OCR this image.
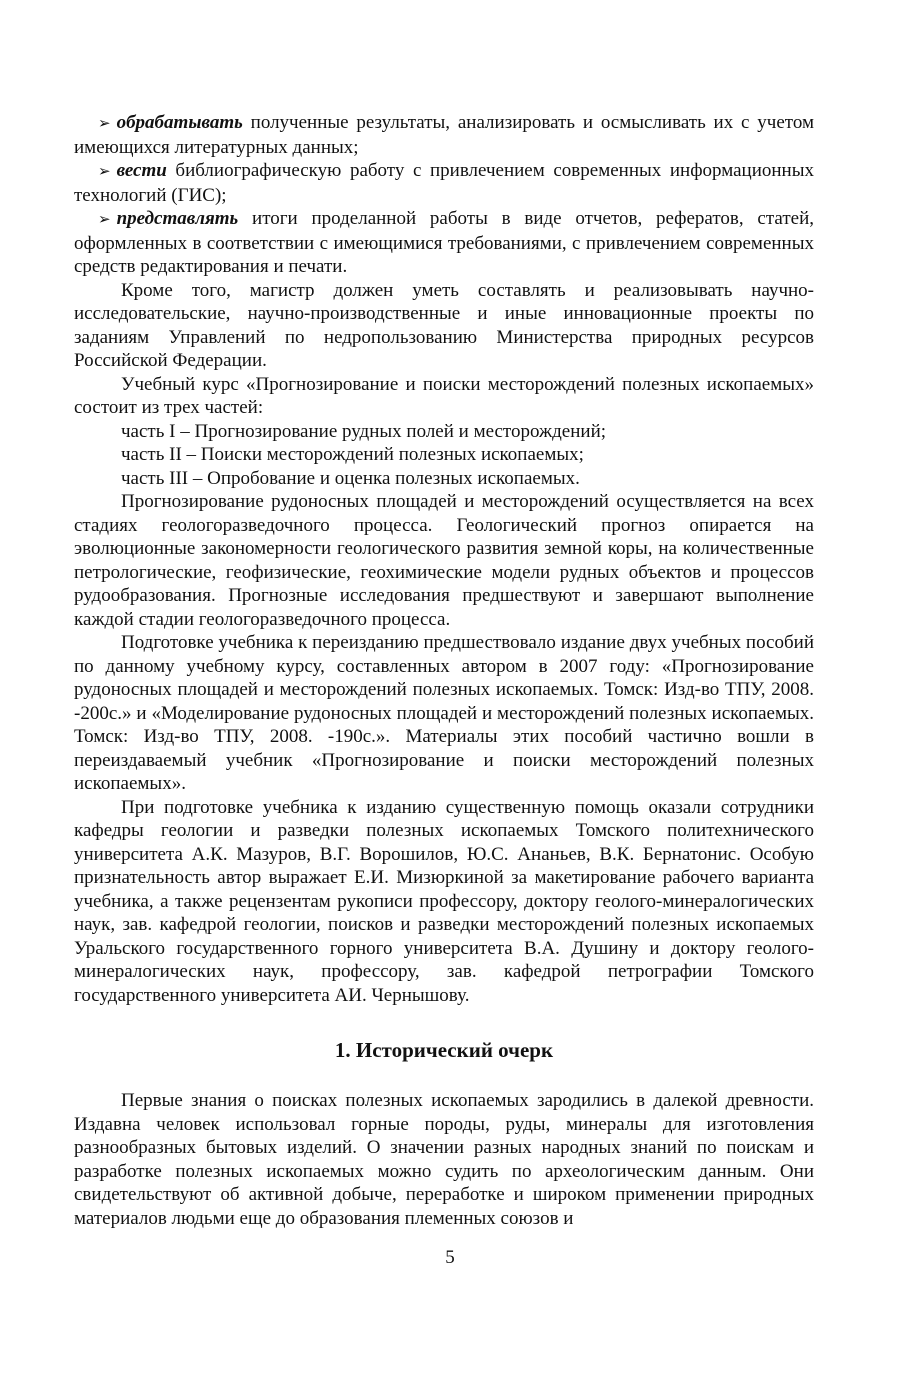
➢ обрабатывать полученные результаты, анализировать и осмысливать их с учетом имеющихся литературных данных;

➢ вести библиографическую работу с привлечением современных информационных технологий (ГИС);

➢ представлять итоги проделанной работы в виде отчетов, рефератов, статей, оформленных в соответствии с имеющимися требованиями, с привлечением современных средств редактирования и печати.

Кроме того, магистр должен уметь составлять и реализовывать научно-исследовательские, научно-производственные и иные инновационные проекты по заданиям Управлений по недропользованию Министерства природных ресурсов Российской Федерации.

Учебный курс «Прогнозирование и поиски месторождений полезных ископаемых» состоит из трех частей:

часть I – Прогнозирование рудных полей и месторождений;

часть II – Поиски месторождений полезных ископаемых;

часть III – Опробование и оценка полезных ископаемых.

Прогнозирование рудоносных площадей и месторождений осуществляется на всех стадиях геологоразведочного процесса. Геологический прогноз опирается на эволюционные закономерности геологического развития земной коры, на количественные петрологические, геофизические, геохимические модели рудных объектов и процессов рудообразования. Прогнозные исследования предшествуют и завершают выполнение каждой стадии геологоразведочного процесса.

Подготовке учебника к переизданию предшествовало издание двух учебных пособий по данному учебному курсу, составленных автором в 2007 году: «Прогнозирование рудоносных площадей и месторождений полезных ископаемых. Томск: Изд-во ТПУ, 2008. -200с.» и «Моделирование рудоносных площадей и месторождений полезных ископаемых. Томск: Изд-во ТПУ, 2008. -190с.». Материалы этих пособий частично вошли в переиздаваемый учебник «Прогнозирование и поиски месторождений полезных ископаемых».

При подготовке учебника к изданию существенную помощь оказали сотрудники кафедры геологии и разведки полезных ископаемых Томского политехнического университета А.К. Мазуров, В.Г. Ворошилов, Ю.С. Ананьев, В.К. Бернатонис. Особую признательность автор выражает Е.И. Мизюркиной за макетирование рабочего варианта учебника, а также рецензентам рукописи профессору, доктору геолого-минералогических наук, зав. кафедрой геологии, поисков и разведки месторождений полезных ископаемых Уральского государственного горного университета В.А. Душину и доктору геолого-минералогических наук, профессору, зав. кафедрой петрографии Томского государственного университета АИ. Чернышову.

1. Исторический очерк

Первые знания о поисках полезных ископаемых зародились в далекой древности. Издавна человек использовал горные породы, руды, минералы для изготовления разнообразных бытовых изделий. О значении разных народных знаний по поискам и разработке полезных ископаемых можно судить по археологическим данным. Они свидетельствуют об активной добыче, переработке и широком применении природных материалов людьми еще до образования племенных союзов и

5
